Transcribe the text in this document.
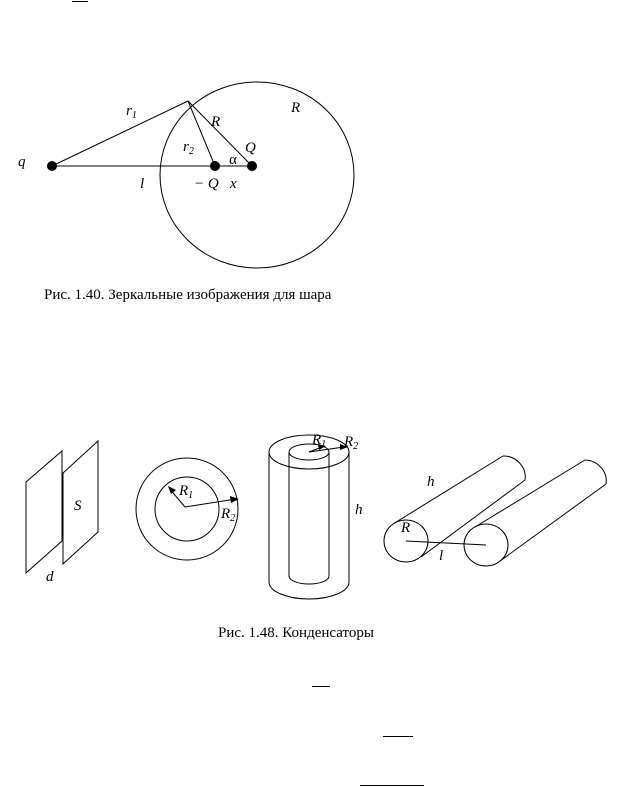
q
$r_1$
$r_2$
R
R
Q
α
l	− Q x
S
d
$R_1$
$R_2$
$R_1$ $R_2$
h
h
R
l
Рис. 1.40. Зеркальные изображения для шара
Рис. 1.48. Конденсаторы
